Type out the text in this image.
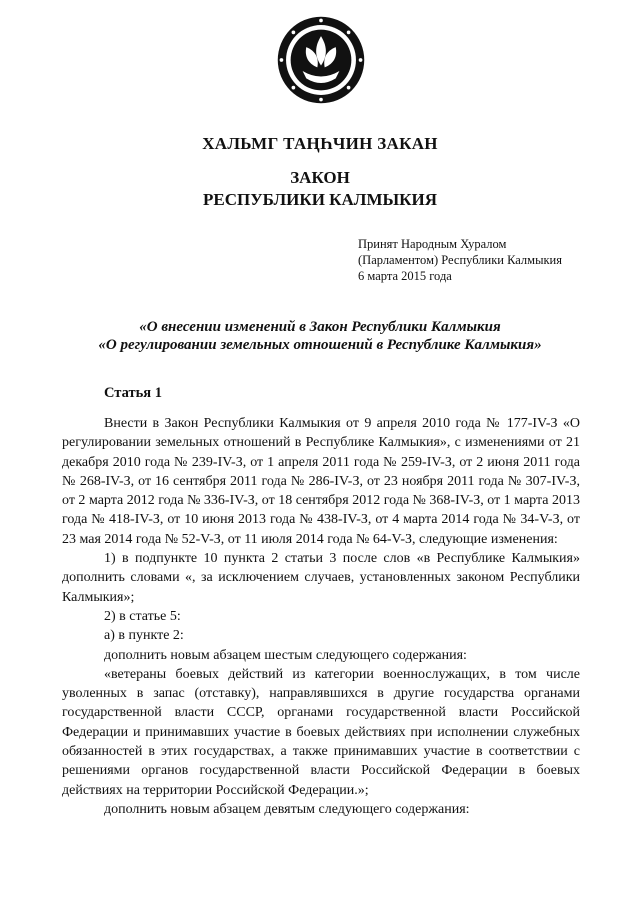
ХАЛЬМГ ТАҢҺЧИН ЗАКАН
ЗАКОН
РЕСПУБЛИКИ КАЛМЫКИЯ
Принят Народным Хуралом
(Парламентом) Республики Калмыкия
6 марта 2015 года
«О внесении изменений в Закон Республики Калмыкия
«О регулировании земельных отношений в Республике Калмыкия»
Статья 1
Внести в Закон Республики Калмыкия от 9 апреля 2010 года № 177-IV-З «О регулировании земельных отношений в Республике Калмыкия», с изменениями от 21 декабря 2010 года № 239-IV-З, от 1 апреля 2011 года № 259-IV-З, от 2 июня 2011 года № 268-IV-З, от 16 сентября 2011 года № 286-IV-З, от 23 ноября 2011 года № 307-IV-З, от 2 марта 2012 года № 336-IV-З, от 18 сентября 2012 года № 368-IV-З, от 1 марта 2013 года № 418-IV-З, от 10 июня 2013 года № 438-IV-З, от 4 марта 2014 года № 34-V-З, от 23 мая 2014 года № 52-V-З, от 11 июля 2014 года № 64-V-З, следующие изменения:
1) в подпункте 10 пункта 2 статьи 3 после слов «в Республике Калмыкия» дополнить словами «, за исключением случаев, установленных законом Республики Калмыкия»;
2) в статье 5:
а) в пункте 2:
дополнить новым абзацем шестым следующего содержания:
«ветераны боевых действий из категории военнослужащих, в том числе уволенных в запас (отставку), направлявшихся в другие государства органами государственной власти СССР, органами государственной власти Российской Федерации и принимавших участие в боевых действиях при исполнении служебных обязанностей в этих государствах, а также принимавших участие в соответствии с решениями органов государственной власти Российской Федерации в боевых действиях на территории Российской Федерации.»;
дополнить новым абзацем девятым следующего содержания:
